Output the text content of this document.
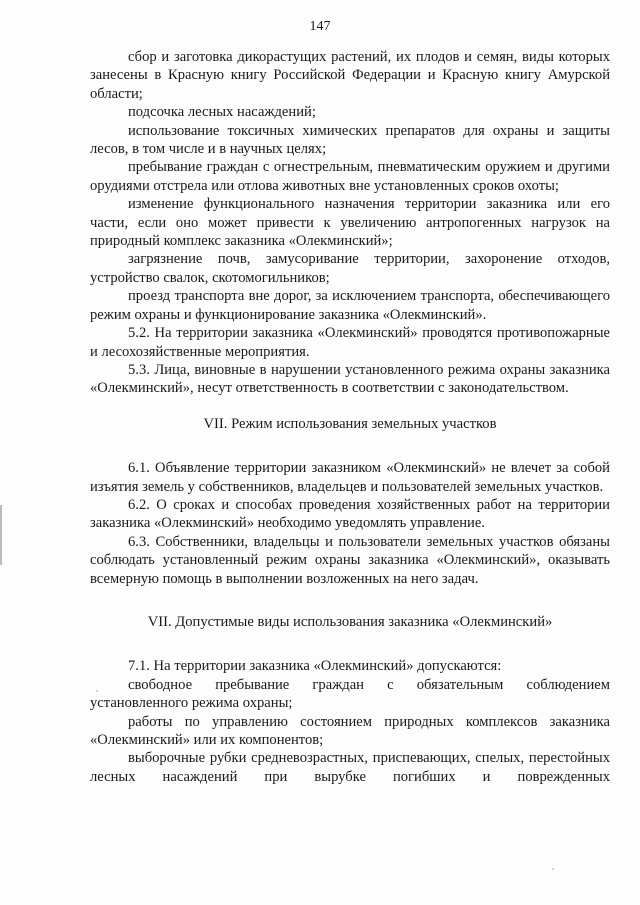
147

сбор и заготовка дикорастущих растений, их плодов и семян, виды которых занесены в Красную книгу Российской Федерации и Красную книгу Амурской области;

подсочка лесных насаждений;

использование токсичных химических препаратов для охраны и защиты лесов, в том числе и в научных целях;

пребывание граждан с огнестрельным, пневматическим оружием и другими орудиями отстрела или отлова животных вне установленных сроков охоты;

изменение функционального назначения территории заказника или его части, если оно может привести к увеличению антропогенных нагрузок на природный комплекс заказника «Олекминский»;

загрязнение почв, замусоривание территории, захоронение отходов, устройство свалок, скотомогильников;

проезд транспорта вне дорог, за исключением транспорта, обеспечивающего режим охраны и функционирование заказника «Олекминский».

5.2. На территории заказника «Олекминский» проводятся противопожарные и лесохозяйственные мероприятия.

5.3. Лица, виновные в нарушении установленного режима охраны заказника «Олекминский», несут ответственность в соответствии с законодательством.

VII. Режим использования земельных участков

6.1. Объявление территории заказником «Олекминский» не влечет за собой изъятия земель у собственников, владельцев и пользователей земельных участков.

6.2. О сроках и способах проведения хозяйственных работ на территории заказника «Олекминский» необходимо уведомлять управление.

6.3. Собственники, владельцы и пользователи земельных участков обязаны соблюдать установленный режим охраны заказника «Олекминский», оказывать всемерную помощь в выполнении возложенных на него задач.

VII. Допустимые виды использования заказника «Олекминский»

7.1. На территории заказника «Олекминский» допускаются:

свободное пребывание граждан с обязательным соблюдением установленного режима охраны;

работы по управлению состоянием природных комплексов заказника «Олекминский» или их компонентов;

выборочные рубки средневозрастных, приспевающих, спелых, перестойных лесных насаждений при вырубке погибших и поврежденных
